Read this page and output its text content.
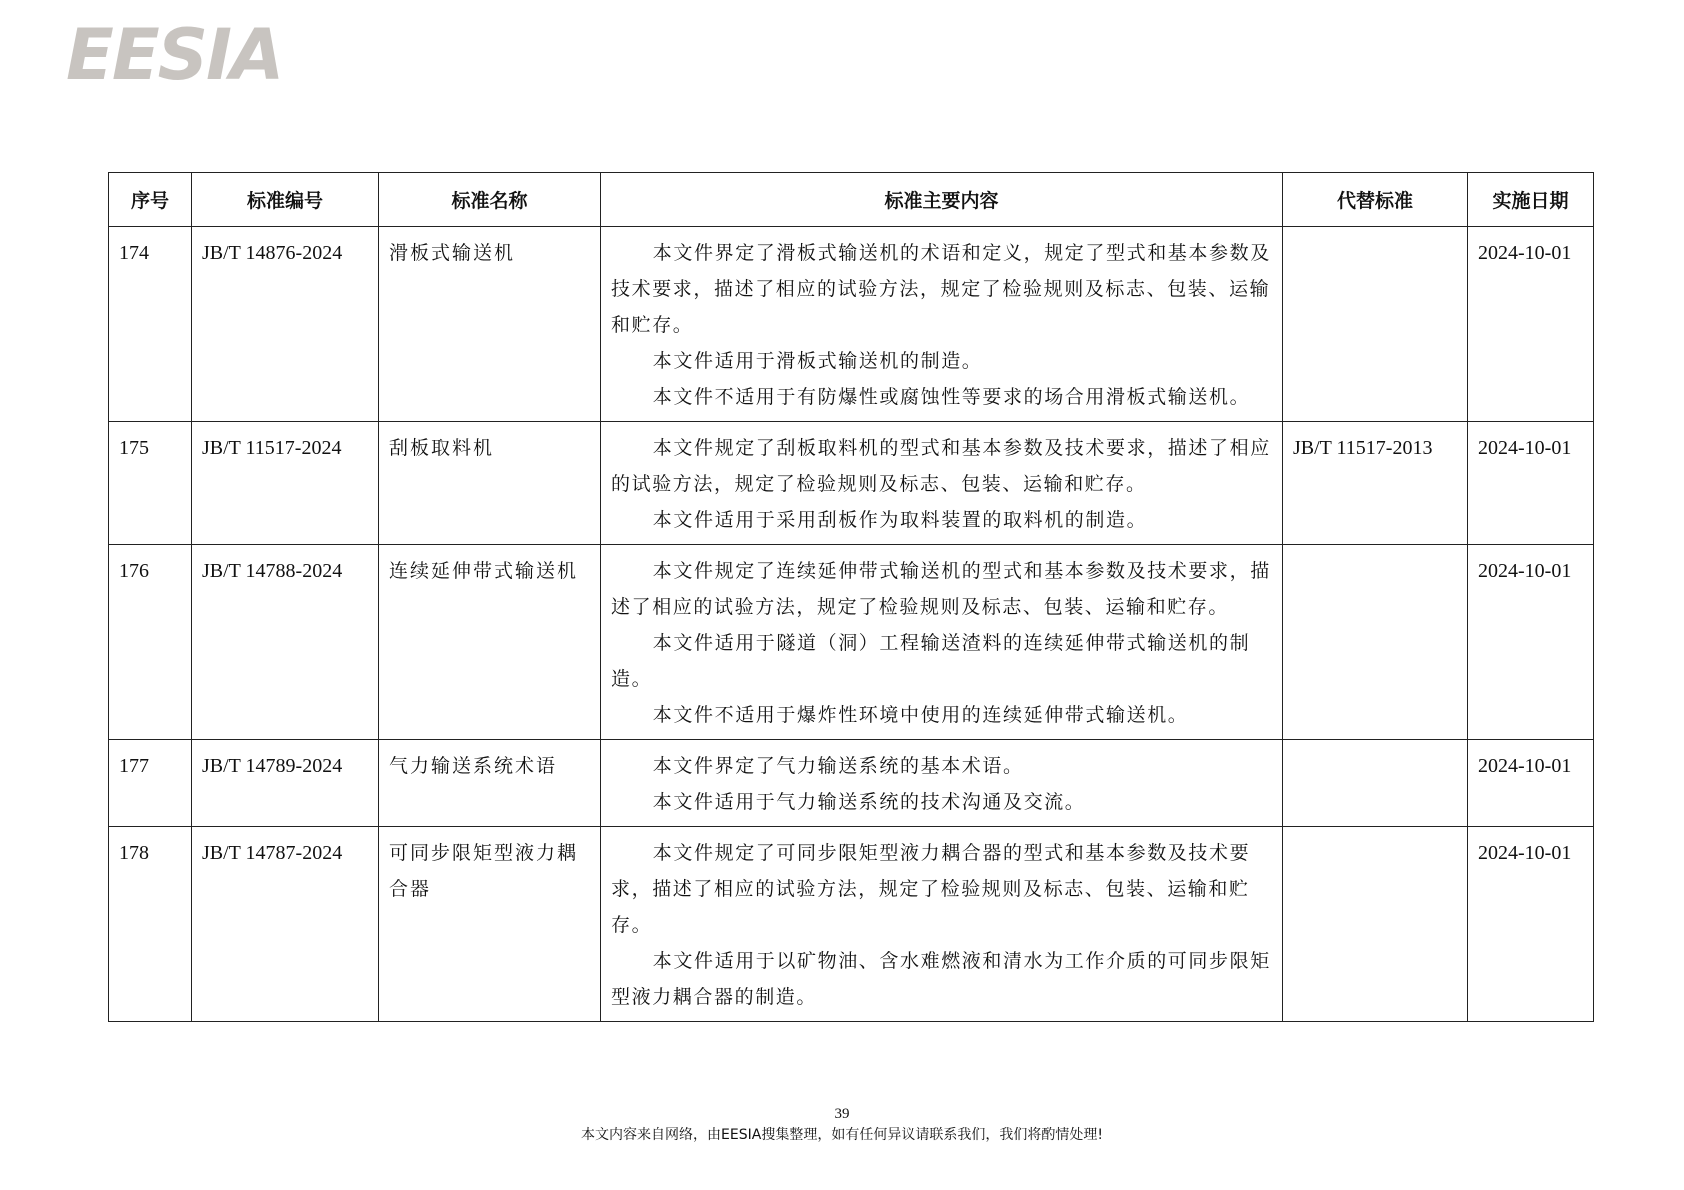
EESIA
序号	标准编号	标准名称	标准主要内容	代替标准	实施日期
174	JB/T 14876-2024	滑板式输送机	本文件界定了滑板式输送机的术语和定义，规定了型式和基本参数及技术要求，描述了相应的试验方法，规定了检验规则及标志、包装、运输和贮存。

本文件适用于滑板式输送机的制造。

本文件不适用于有防爆性或腐蚀性等要求的场合用滑板式输送机。		2024-10-01
175	JB/T 11517-2024	刮板取料机	本文件规定了刮板取料机的型式和基本参数及技术要求，描述了相应的试验方法，规定了检验规则及标志、包装、运输和贮存。

本文件适用于采用刮板作为取料装置的取料机的制造。	JB/T 11517-2013	2024-10-01
176	JB/T 14788-2024	连续延伸带式输送机	本文件规定了连续延伸带式输送机的型式和基本参数及技术要求，描述了相应的试验方法，规定了检验规则及标志、包装、运输和贮存。

本文件适用于隧道（洞）工程输送渣料的连续延伸带式输送机的制造。

本文件不适用于爆炸性环境中使用的连续延伸带式输送机。		2024-10-01
177	JB/T 14789-2024	气力输送系统术语	本文件界定了气力输送系统的基本术语。

本文件适用于气力输送系统的技术沟通及交流。		2024-10-01
178	JB/T 14787-2024	可同步限矩型液力耦合器	本文件规定了可同步限矩型液力耦合器的型式和基本参数及技术要求，描述了相应的试验方法，规定了检验规则及标志、包装、运输和贮存。

本文件适用于以矿物油、含水难燃液和清水为工作介质的可同步限矩型液力耦合器的制造。		2024-10-01
39
本文内容来自网络，由EESIA搜集整理，如有任何异议请联系我们，我们将酌情处理!
